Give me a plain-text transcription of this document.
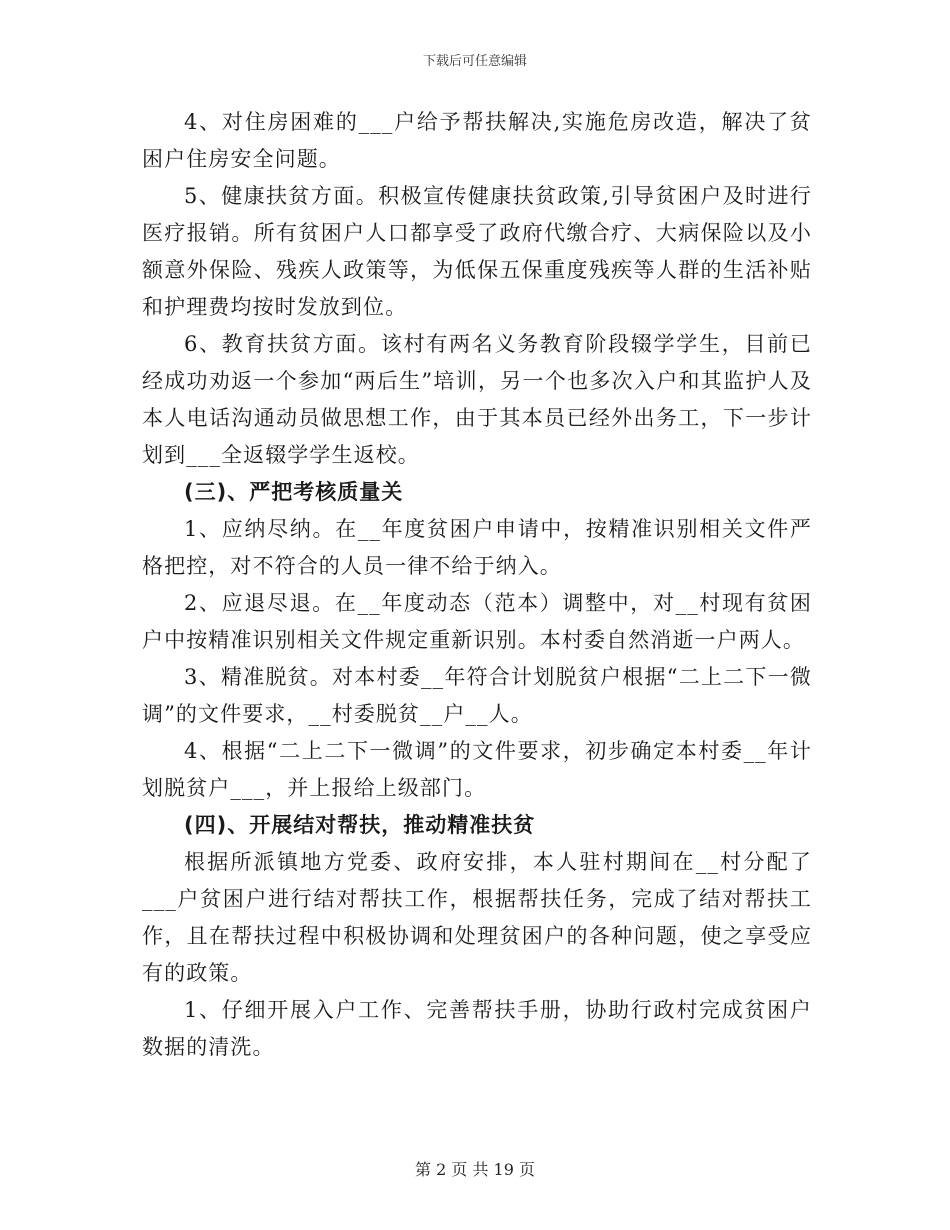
下载后可任意编辑

4、对住房困难的___户给予帮扶解决,实施危房改造，解决了贫困户住房安全问题。

5、健康扶贫方面。积极宣传健康扶贫政策,引导贫困户及时进行医疗报销。所有贫困户人口都享受了政府代缴合疗、大病保险以及小额意外保险、残疾人政策等，为低保五保重度残疾等人群的生活补贴和护理费均按时发放到位。

6、教育扶贫方面。该村有两名义务教育阶段辍学学生，目前已经成功劝返一个参加“两后生”培训，另一个也多次入户和其监护人及本人电话沟通动员做思想工作，由于其本员已经外出务工，下一步计划到___全返辍学学生返校。

(三)、严把考核质量关

1、应纳尽纳。在__年度贫困户申请中，按精准识别相关文件严格把控，对不符合的人员一律不给于纳入。

2、应退尽退。在__年度动态（范本）调整中，对__村现有贫困户中按精准识别相关文件规定重新识别。本村委自然消逝一户两人。

3、精准脱贫。对本村委__年符合计划脱贫户根据“二上二下一微调”的文件要求，__村委脱贫__户__人。

4、根据“二上二下一微调”的文件要求，初步确定本村委__年计划脱贫户___，并上报给上级部门。

(四)、开展结对帮扶，推动精准扶贫

根据所派镇地方党委、政府安排，本人驻村期间在__村分配了___户贫困户进行结对帮扶工作，根据帮扶任务，完成了结对帮扶工作，且在帮扶过程中积极协调和处理贫困户的各种问题，使之享受应有的政策。

1、仔细开展入户工作、完善帮扶手册，协助行政村完成贫困户数据的清洗。

第 2 页 共 19 页
